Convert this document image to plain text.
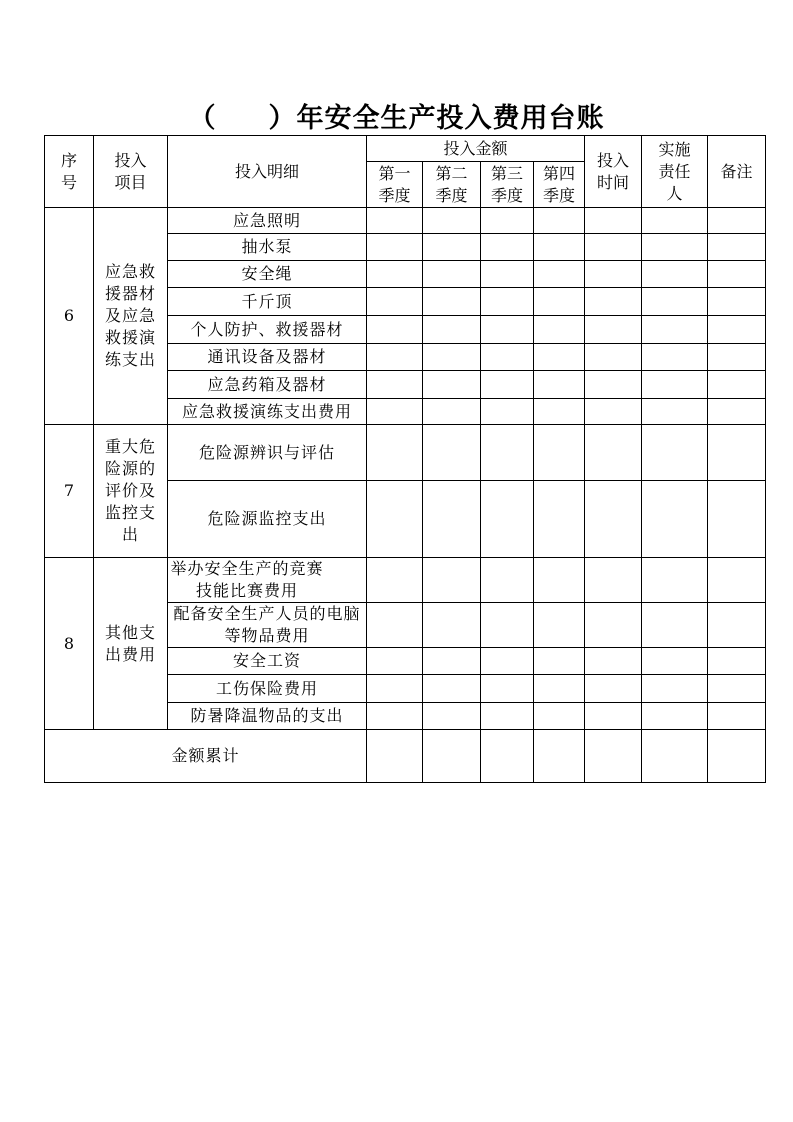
（ ）年安全生产投入费用台账
序号	投入项目	投入明细	投入金额				投入时间	实施责任人	备注
			第一季度	第二季度	第三季度	第四季度			
6	应急救援器材及应急救援演练支出	应急照明							
		抽水泵							
		安全绳							
		千斤顶							
		个人防护、救援器材							
		通讯设备及器材							
		应急药箱及器材							
		应急救援演练支出费用							
7	重大危险源的评价及监控支出	危险源辨识与评估							
		危险源监控支出							
8	其他支出费用	举办安全生产的竞赛技能比赛费用							
		配备安全生产人员的电脑等物品费用							
		安全工资							
		工伤保险费用							
		防暑降温物品的支出							
金额累计									
